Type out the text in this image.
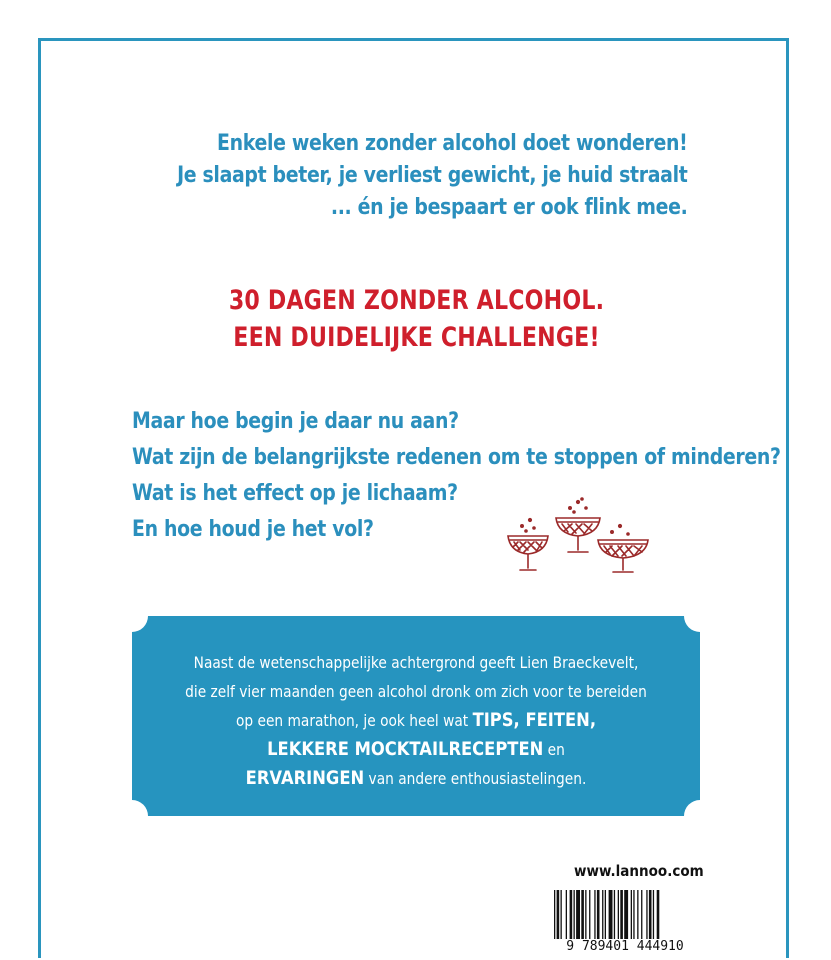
Enkele weken zonder alcohol doet wonderen!
Je slaapt beter, je verliest gewicht, je huid straalt
... én je bespaart er ook flink mee.
30 DAGEN ZONDER ALCOHOL.
EEN DUIDELIJKE CHALLENGE!
Maar hoe begin je daar nu aan?
Wat zijn de belangrijkste redenen om te stoppen of minderen?
Wat is het effect op je lichaam?
En hoe houd je het vol?
Naast de wetenschappelijke achtergrond geeft Lien Braeckevelt,
die zelf vier maanden geen alcohol dronk om zich voor te bereiden
op een marathon, je ook heel wat TIPS, FEITEN,
LEKKERE MOCKTAILRECEPTEN en
ERVARINGEN van andere enthousiastelingen.
www.lannoo.com
9 789401 444910
